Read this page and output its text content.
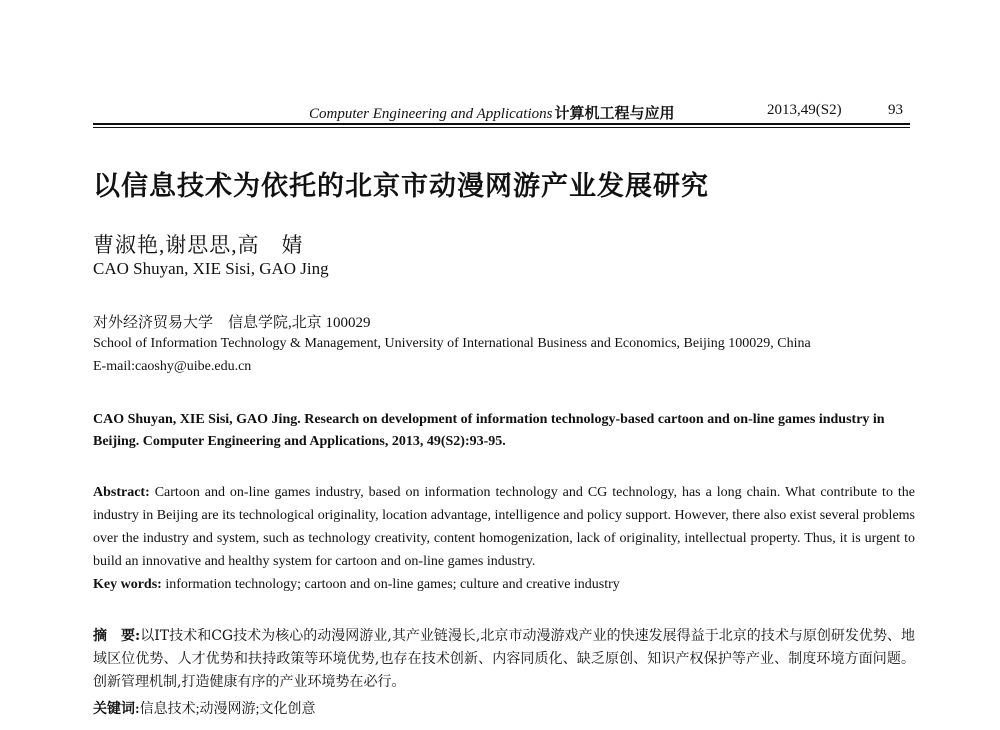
Computer Engineering and Applications 计算机工程与应用	2013,49(S2)	93
以信息技术为依托的北京市动漫网游产业发展研究
曹淑艳,谢思思,高　婧
CAO Shuyan, XIE Sisi, GAO Jing
对外经济贸易大学　信息学院,北京 100029
School of Information Technology & Management, University of International Business and Economics, Beijing 100029, China
E-mail:caoshy@uibe.edu.cn
CAO Shuyan, XIE Sisi, GAO Jing. Research on development of information technology-based cartoon and on-line games industry in Beijing. Computer Engineering and Applications, 2013, 49(S2):93-95.
Abstract: Cartoon and on-line games industry, based on information technology and CG technology, has a long chain. What contribute to the industry in Beijing are its technological originality, location advantage, intelligence and policy support. However, there also exist several problems over the industry and system, such as technology creativity, content homogenization, lack of originality, intellectual property. Thus, it is urgent to build an innovative and healthy system for cartoon and on-line games industry.
Key words: information technology; cartoon and on-line games; culture and creative industry
摘　要:以IT技术和CG技术为核心的动漫网游业,其产业链漫长,北京市动漫游戏产业的快速发展得益于北京的技术与原创研发优势、地域区位优势、人才优势和扶持政策等环境优势,也存在技术创新、内容同质化、缺乏原创、知识产权保护等产业、制度环境方面问题。创新管理机制,打造健康有序的产业环境势在必行。
关键词:信息技术;动漫网游;文化创意
